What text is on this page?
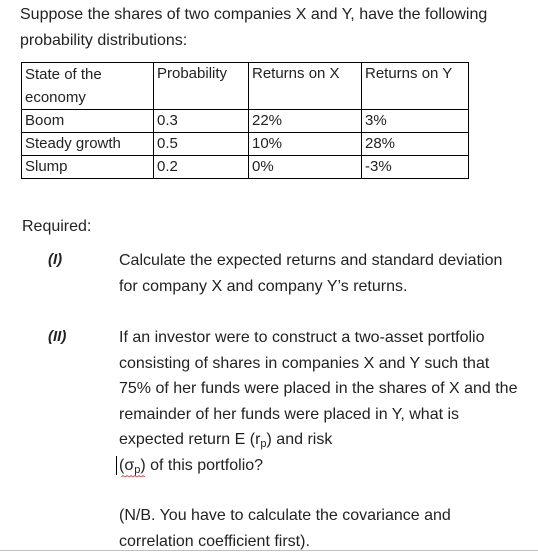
Suppose the shares of two companies X and Y, have the following probability distributions:
State of the economy	Probability	Returns on X	Returns on Y
Boom	0.3	22%	3%
Steady growth	0.5	10%	28%
Slump	0.2	0%	-3%
Required:
(I)	Calculate the expected returns and standard deviation for company X and company Y’s returns.
(II)	If an investor were to construct a two-asset portfolio consisting of shares in companies X and Y such that 75% of her funds were placed in the shares of X and the remainder of her funds were placed in Y, what is expected return E $(r_p)$ and risk

$(\sigma_p)$
of this portfolio?
(N/B. You have to calculate the covariance and correlation coefficient first).
